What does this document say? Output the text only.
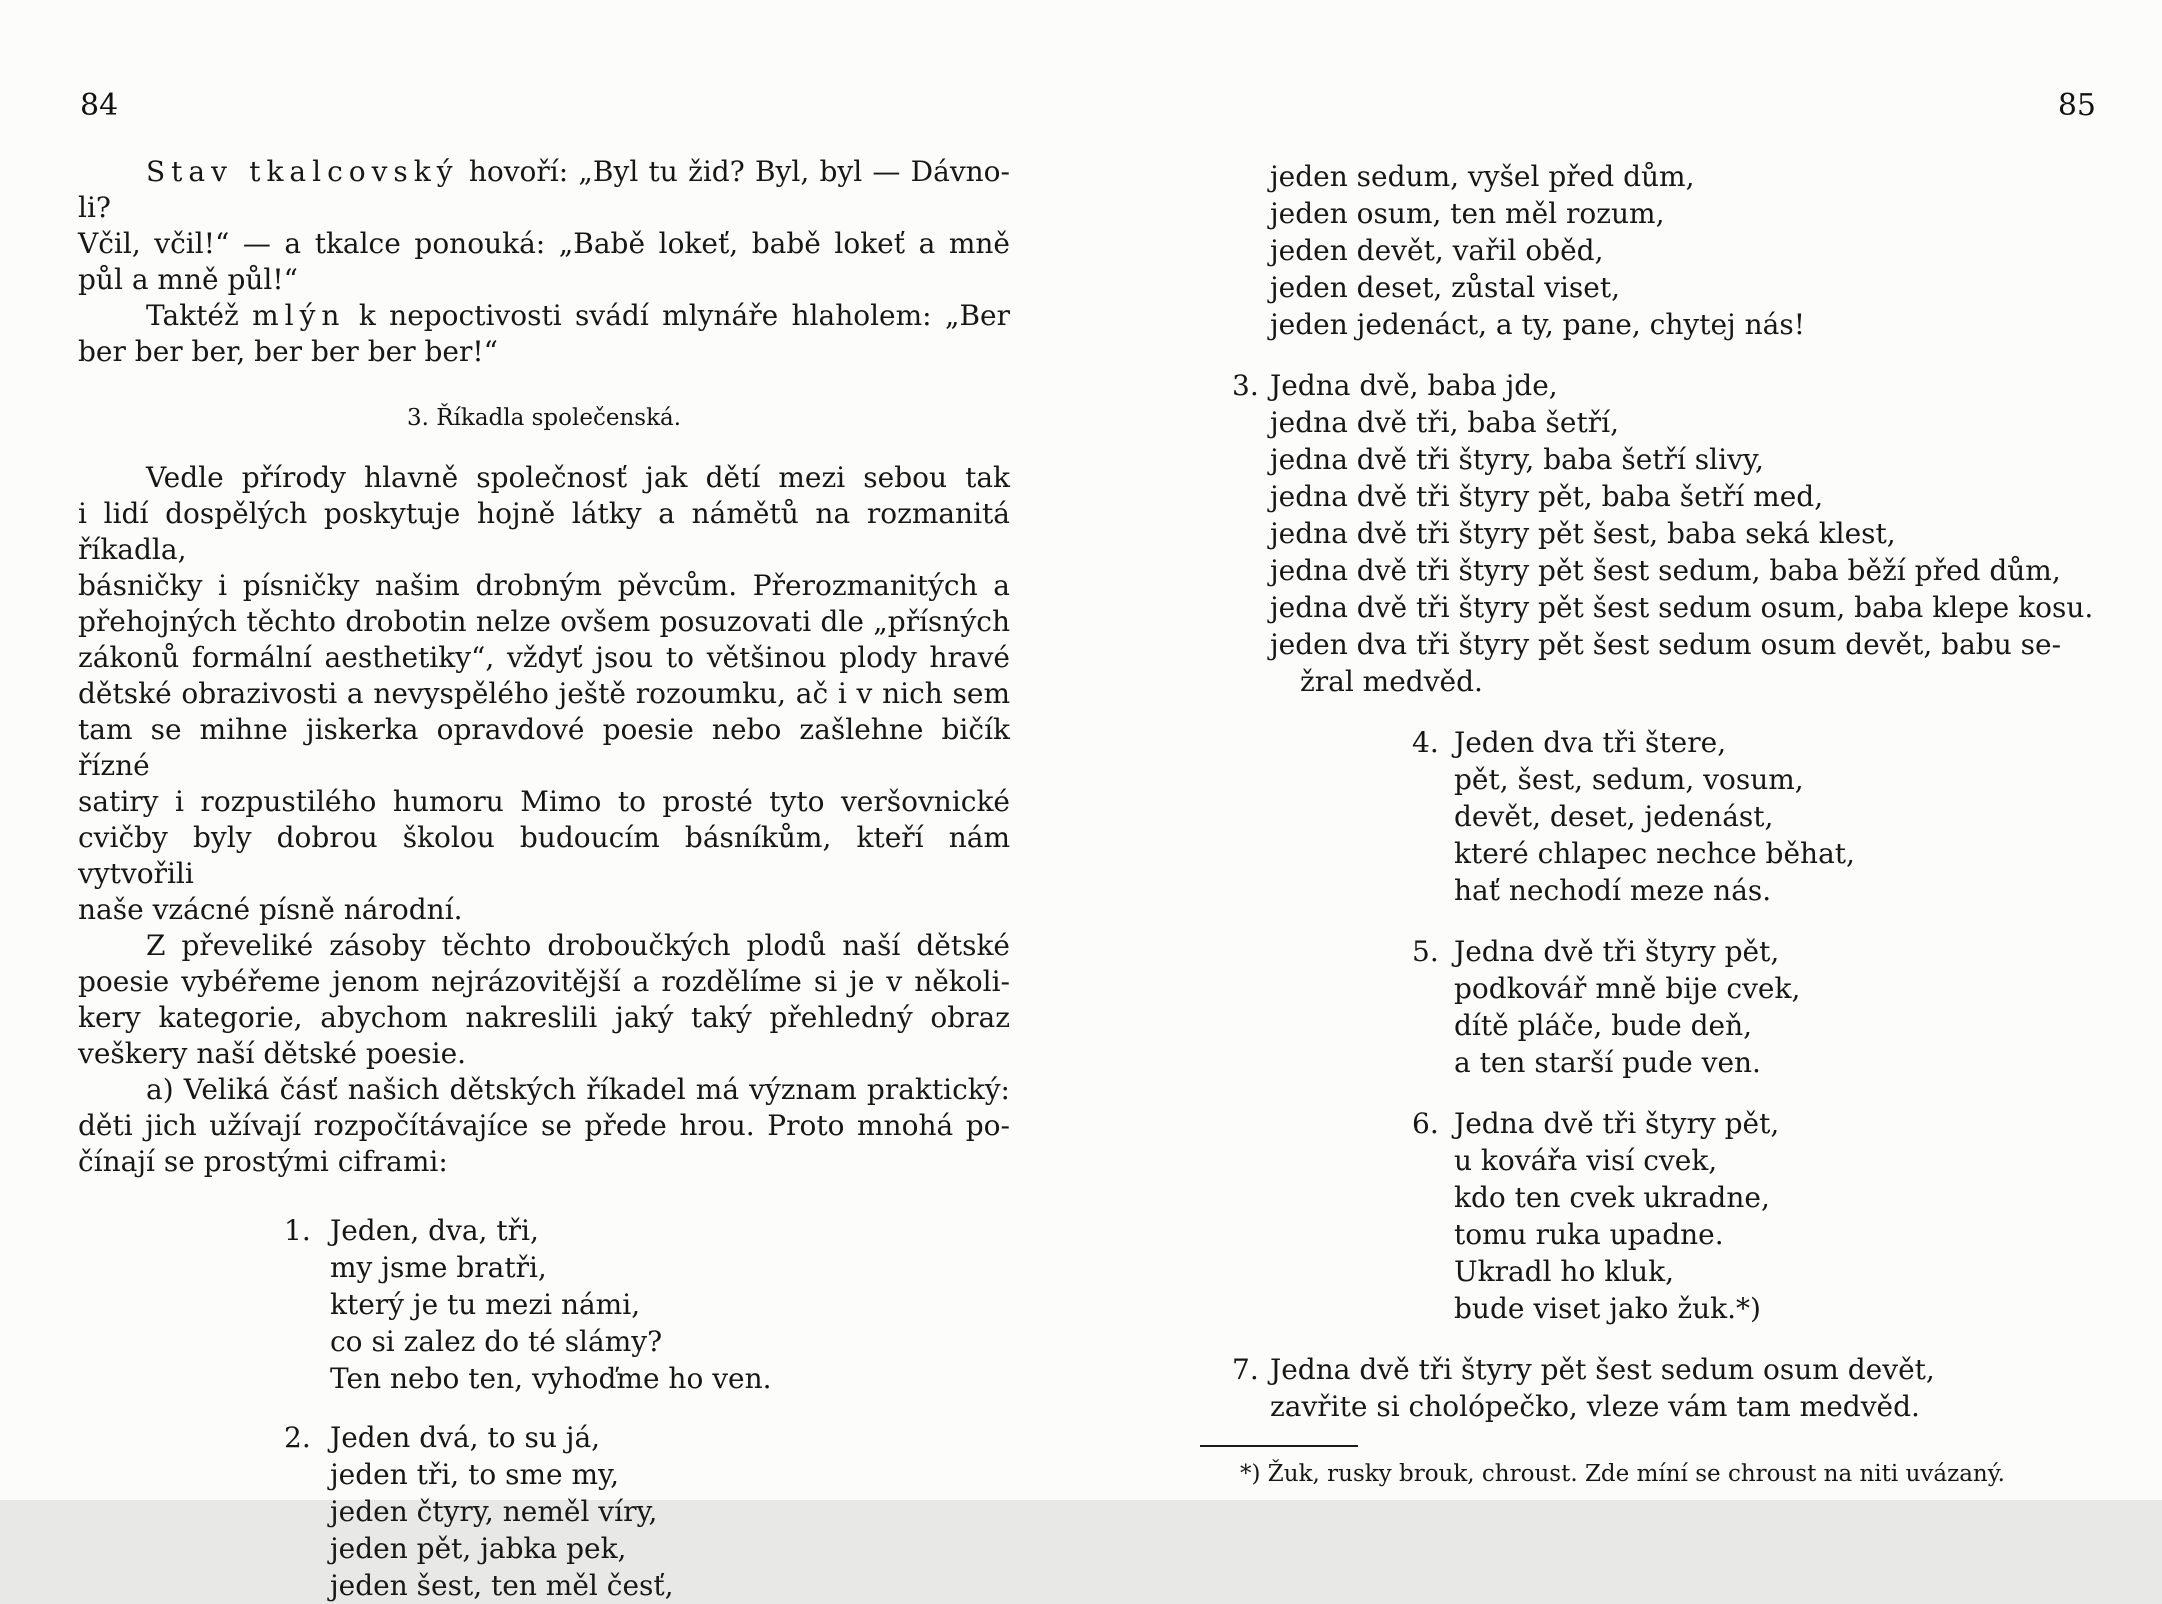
84
Stav tkalcovský hovoří: „Byl tu žid? Byl, byl — Dávno-li?
Včil, včil!“ — a tkalce ponouká: „Babě lokeť, babě lokeť a mně
půl a mně půl!“
Taktéž mlýn k nepoctivosti svádí mlynáře hlaholem: „Ber
ber ber ber, ber ber ber ber!“
3. Říkadla společenská.
Vedle přírody hlavně společnosť jak dětí mezi sebou tak
i lidí dospělých poskytuje hojně látky a námětů na rozmanitá říkadla,
básničky i písničky našim drobným pěvcům. Přerozmanitých a
přehojných těchto drobotin nelze ovšem posuzovati dle „přísných
zákonů formální aesthetiky“, vždyť jsou to většinou plody hravé
dětské obrazivosti a nevyspělého ještě rozoumku, ač i v nich sem
tam se mihne jiskerka opravdové poesie nebo zašlehne bičík řízné
satiry i rozpustilého humoru Mimo to prosté tyto veršovnické
cvičby byly dobrou školou budoucím básníkům, kteří nám vytvořili
naše vzácné písně národní.
Z převeliké zásoby těchto droboučkých plodů naší dětské
poesie vybéřeme jenom nejrázovitější a rozdělíme si je v několi-
kery kategorie, abychom nakreslili jaký taký přehledný obraz
veškery naší dětské poesie.
a) Veliká čásť našich dětských říkadel má význam praktický:
děti jich užívají rozpočítávajíce se přede hrou. Proto mnohá po-
čínají se prostými ciframi:
1. Jeden, dva, tři,
my jsme bratři,
který je tu mezi námi,
co si zalez do té slámy?
Ten nebo ten, vyhoďme ho ven.
2. Jeden dvá, to su já,
jeden tři, to sme my,
jeden čtyry, neměl víry,
jeden pět, jabka pek,
jeden šest, ten měl česť,
85
jeden sedum, vyšel před dům,
jeden osum, ten měl rozum,
jeden devět, vařil oběd,
jeden deset, zůstal viset,
jeden jedenáct, a ty, pane, chytej nás!
3. Jedna dvě, baba jde,
jedna dvě tři, baba šetří,
jedna dvě tři štyry, baba šetří slivy,
jedna dvě tři štyry pět, baba šetří med,
jedna dvě tři štyry pět šest, baba seká klest,
jedna dvě tři štyry pět šest sedum, baba běží před dům,
jedna dvě tři štyry pět šest sedum osum, baba klepe kosu.
jeden dva tři štyry pět šest sedum osum devět, babu se-
žral medvěd.
4. Jeden dva tři štere,
pět, šest, sedum, vosum,
devět, deset, jedenást,
které chlapec nechce běhat,
hať nechodí meze nás.
5. Jedna dvě tři štyry pět,
podkovář mně bije cvek,
dítě pláče, bude deň,
a ten starší pude ven.
6. Jedna dvě tři štyry pět,
u kovářa visí cvek,
kdo ten cvek ukradne,
tomu ruka upadne.
Ukradl ho kluk,
bude viset jako žuk.*)
7. Jedna dvě tři štyry pět šest sedum osum devět,
zavřite si cholópečko, vleze vám tam medvěd.
*) Žuk, rusky brouk, chroust. Zde míní se chroust na niti uvázaný.
